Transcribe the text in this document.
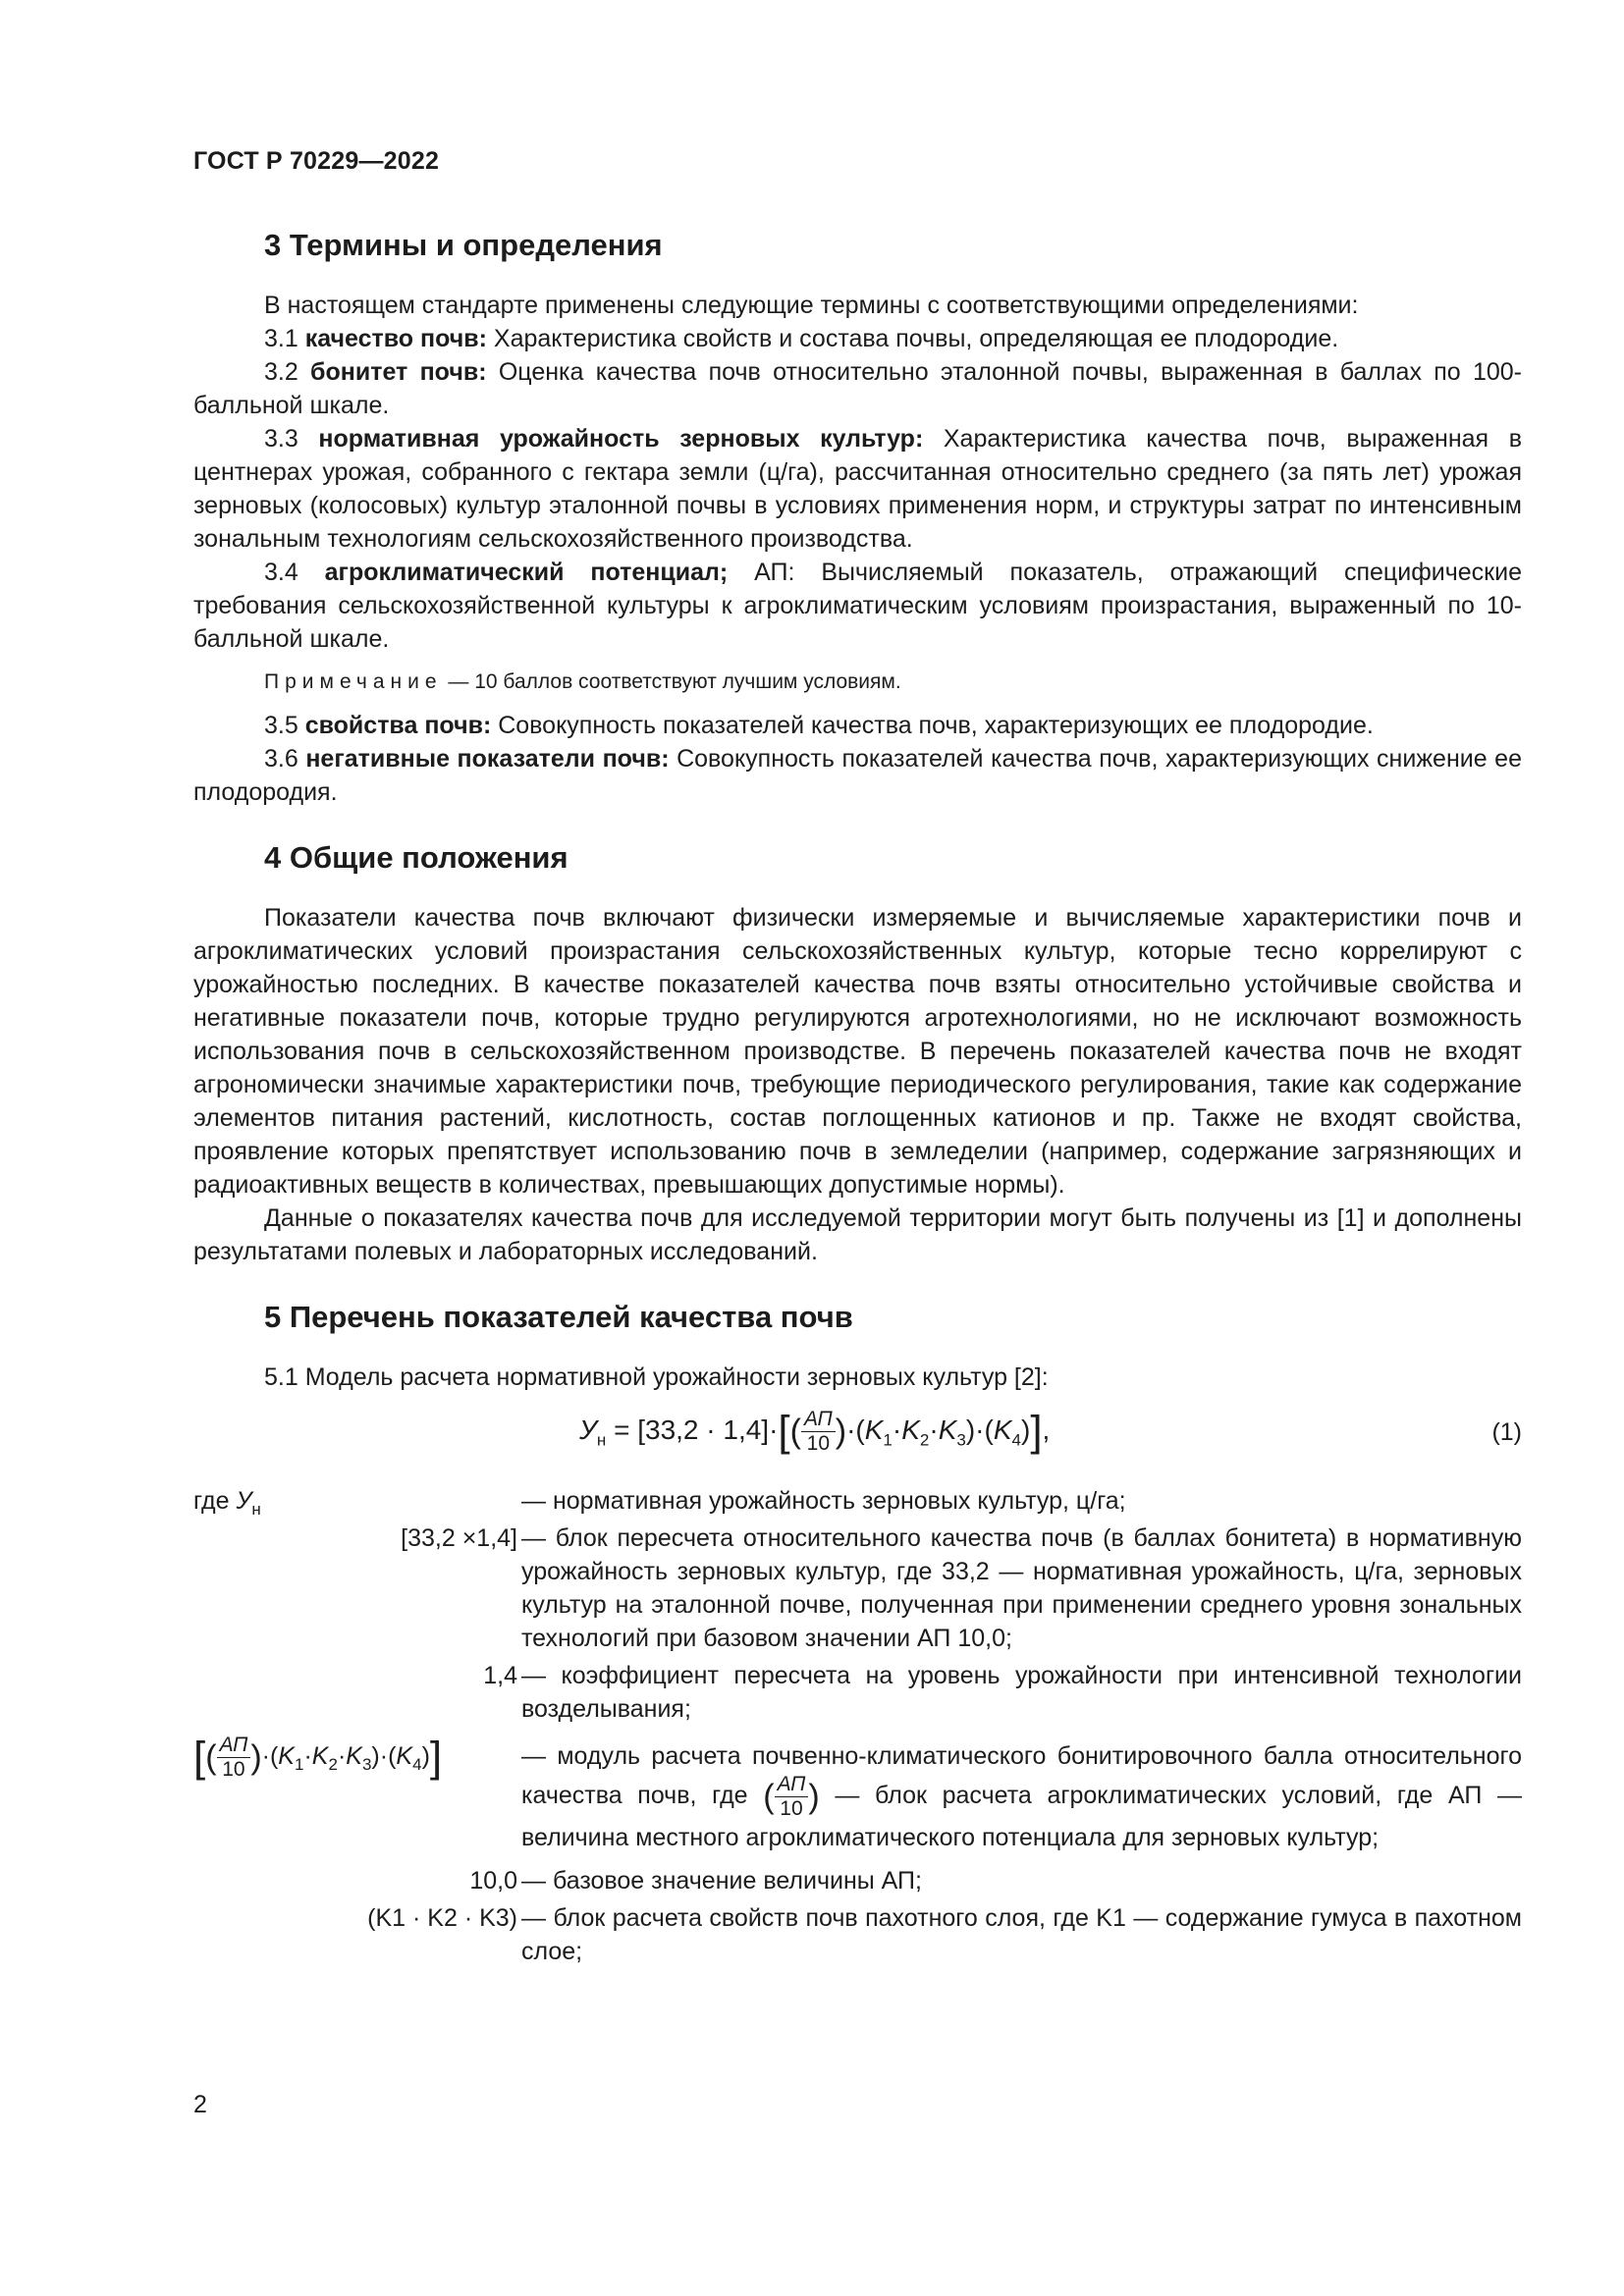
ГОСТ Р 70229—2022
3 Термины и определения

В настоящем стандарте применены следующие термины с соответствующими определениями:

3.1 качество почв: Характеристика свойств и состава почвы, определяющая ее плодородие.

3.2 бонитет почв: Оценка качества почв относительно эталонной почвы, выраженная в баллах по 100-балльной шкале.

3.3 нормативная урожайность зерновых культур: Характеристика качества почв, выраженная в центнерах урожая, собранного с гектара земли (ц/га), рассчитанная относительно среднего (за пять лет) урожая зерновых (колосовых) культур эталонной почвы в условиях применения норм, и структуры затрат по интенсивным зональным технологиям сельскохозяйственного производства.

3.4 агроклиматический потенциал; АП: Вычисляемый показатель, отражающий специфические требования сельскохозяйственной культуры к агроклиматическим условиям произрастания, выраженный по 10-балльной шкале.

Примечание — 10 баллов соответствуют лучшим условиям.

3.5 свойства почв: Совокупность показателей качества почв, характеризующих ее плодородие.

3.6 негативные показатели почв: Совокупность показателей качества почв, характеризующих снижение ее плодородия.

4 Общие положения

Показатели качества почв включают физически измеряемые и вычисляемые характеристики почв и агроклиматических условий произрастания сельскохозяйственных культур, которые тесно коррелируют с урожайностью последних. В качестве показателей качества почв взяты относительно устойчивые свойства и негативные показатели почв, которые трудно регулируются агротехнологиями, но не исключают возможность использования почв в сельскохозяйственном производстве. В перечень показателей качества почв не входят агрономически значимые характеристики почв, требующие периодического регулирования, такие как содержание элементов питания растений, кислотность, состав поглощенных катионов и пр. Также не входят свойства, проявление которых препятствует использованию почв в земледелии (например, содержание загрязняющих и радиоактивных веществ в количествах, превышающих допустимые нормы).

Данные о показателях качества почв для исследуемой территории могут быть получены из [1] и дополнены результатами полевых и лабораторных исследований.

5 Перечень показателей качества почв

5.1 Модель расчета нормативной урожайности зерновых культур [2]:

$У_н = [33,2 \cdot 1,4]\cdot[( \frac{АП}{10} )\cdot(K_1\cdot K_2\cdot K_3)\cdot(K_4)]$,	(1)
где $У_н$	— нормативная урожайность зерновых культур, ц/га;
[33,2 ×1,4] — блок пересчета относительного качества почв (в баллах бонитета) в нормативную урожайность зерновых культур, где 33,2 — нормативная урожайность, ц/га, зерновых культур на эталонной почве, полученная при применении среднего уровня зональных технологий при базовом значении АП 10,0;
1,4 — коэффициент пересчета на уровень урожайности при интенсивной технологии возделывания;
[( $\frac{АП}{10} )\cdot(K_1\cdot K_2\cdot K_3)\cdot(K_4)$]	— модуль расчета почвенно-климатического бонитировочного балла относительного качества почв, где ( $\frac{АП}{10}$ ) — блок расчета агроклиматических условий, где АП — величина местного агроклиматического потенциала для зерновых культур;
10,0 — базовое значение величины АП;
(K1 · K2 · K3) — блок расчета свойств почв пахотного слоя, где K1 — содержание гумуса в пахотном слое;
2
